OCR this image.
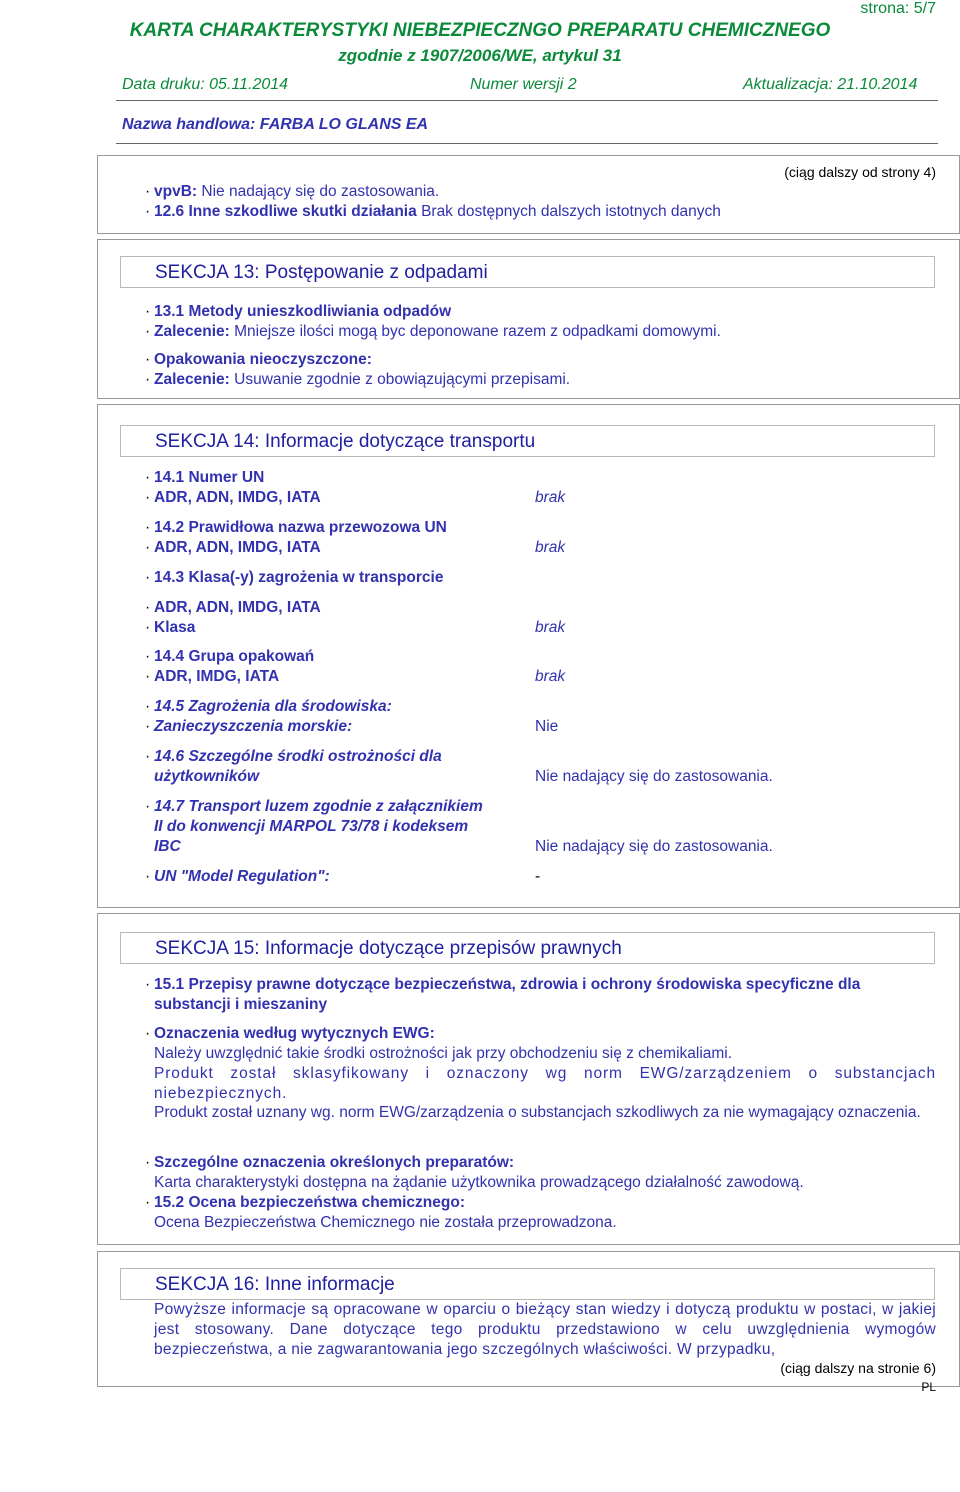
strona: 5/7
KARTA CHARAKTERYSTYKI NIEBEZPIECZNGO PREPARATU CHEMICZNEGO
zgodnie z 1907/2006/WE, artykul 31
Data druku: 05.11.2014	Numer wersji 2	Aktualizacja: 21.10.2014
Nazwa handlowa: FARBA LO GLANS EA
(ciąg dalszy od strony 4)
· vpvB: Nie nadający się do zastosowania.
· 12.6 Inne szkodliwe skutki działania Brak dostępnych dalszych istotnych danych
SEKCJA 13: Postępowanie z odpadami
· 13.1 Metody unieszkodliwiania odpadów
· Zalecenie: Mniejsze ilości mogą byc deponowane razem z odpadkami domowymi.
· Opakowania nieoczyszczone:
· Zalecenie: Usuwanie zgodnie z obowiązującymi przepisami.
SEKCJA 14: Informacje dotyczące transportu
· 14.1 Numer UN
· ADR, ADN, IMDG, IATA	brak
· 14.2 Prawidłowa nazwa przewozowa UN
· ADR, ADN, IMDG, IATA	brak
· 14.3 Klasa(-y) zagrożenia w transporcie
· ADR, ADN, IMDG, IATA
· Klasa	brak
· 14.4 Grupa opakowań
· ADR, IMDG, IATA	brak
· 14.5 Zagrożenia dla środowiska:
· Zanieczyszczenia morskie:	Nie
· 14.6 Szczególne środki ostrożności dla
użytkowników	Nie nadający się do zastosowania.
· 14.7 Transport luzem zgodnie z załącznikiem
II do konwencji MARPOL 73/78 i kodeksem
IBC	Nie nadający się do zastosowania.
· UN "Model Regulation":	-
SEKCJA 15: Informacje dotyczące przepisów prawnych
· 15.1 Przepisy prawne dotyczące bezpieczeństwa, zdrowia i ochrony środowiska specyficzne dla substancji i mieszaniny
· Oznaczenia według wytycznych EWG:
Należy uwzględnić takie środki ostrożności jak przy obchodzeniu się z chemikaliami.
Produkt został sklasyfikowany i oznaczony wg norm EWG/zarządzeniem o substancjach niebezpiecznych.
Produkt został uznany wg. norm EWG/zarządzenia o substancjach szkodliwych za nie wymagający oznaczenia.
· Szczególne oznaczenia określonych preparatów:
Karta charakterystyki dostępna na żądanie użytkownika prowadzącego działalność zawodową.
· 15.2 Ocena bezpieczeństwa chemicznego:
Ocena Bezpieczeństwa Chemicznego nie została przeprowadzona.
SEKCJA 16: Inne informacje
Powyższe informacje są opracowane w oparciu o bieżący stan wiedzy i dotyczą produktu w postaci, w jakiej jest stosowany. Dane dotyczące tego produktu przedstawiono w celu uwzględnienia wymogów bezpieczeństwa, a nie zagwarantowania jego szczególnych właściwości. W przypadku,
(ciąg dalszy na stronie 6)
PL
